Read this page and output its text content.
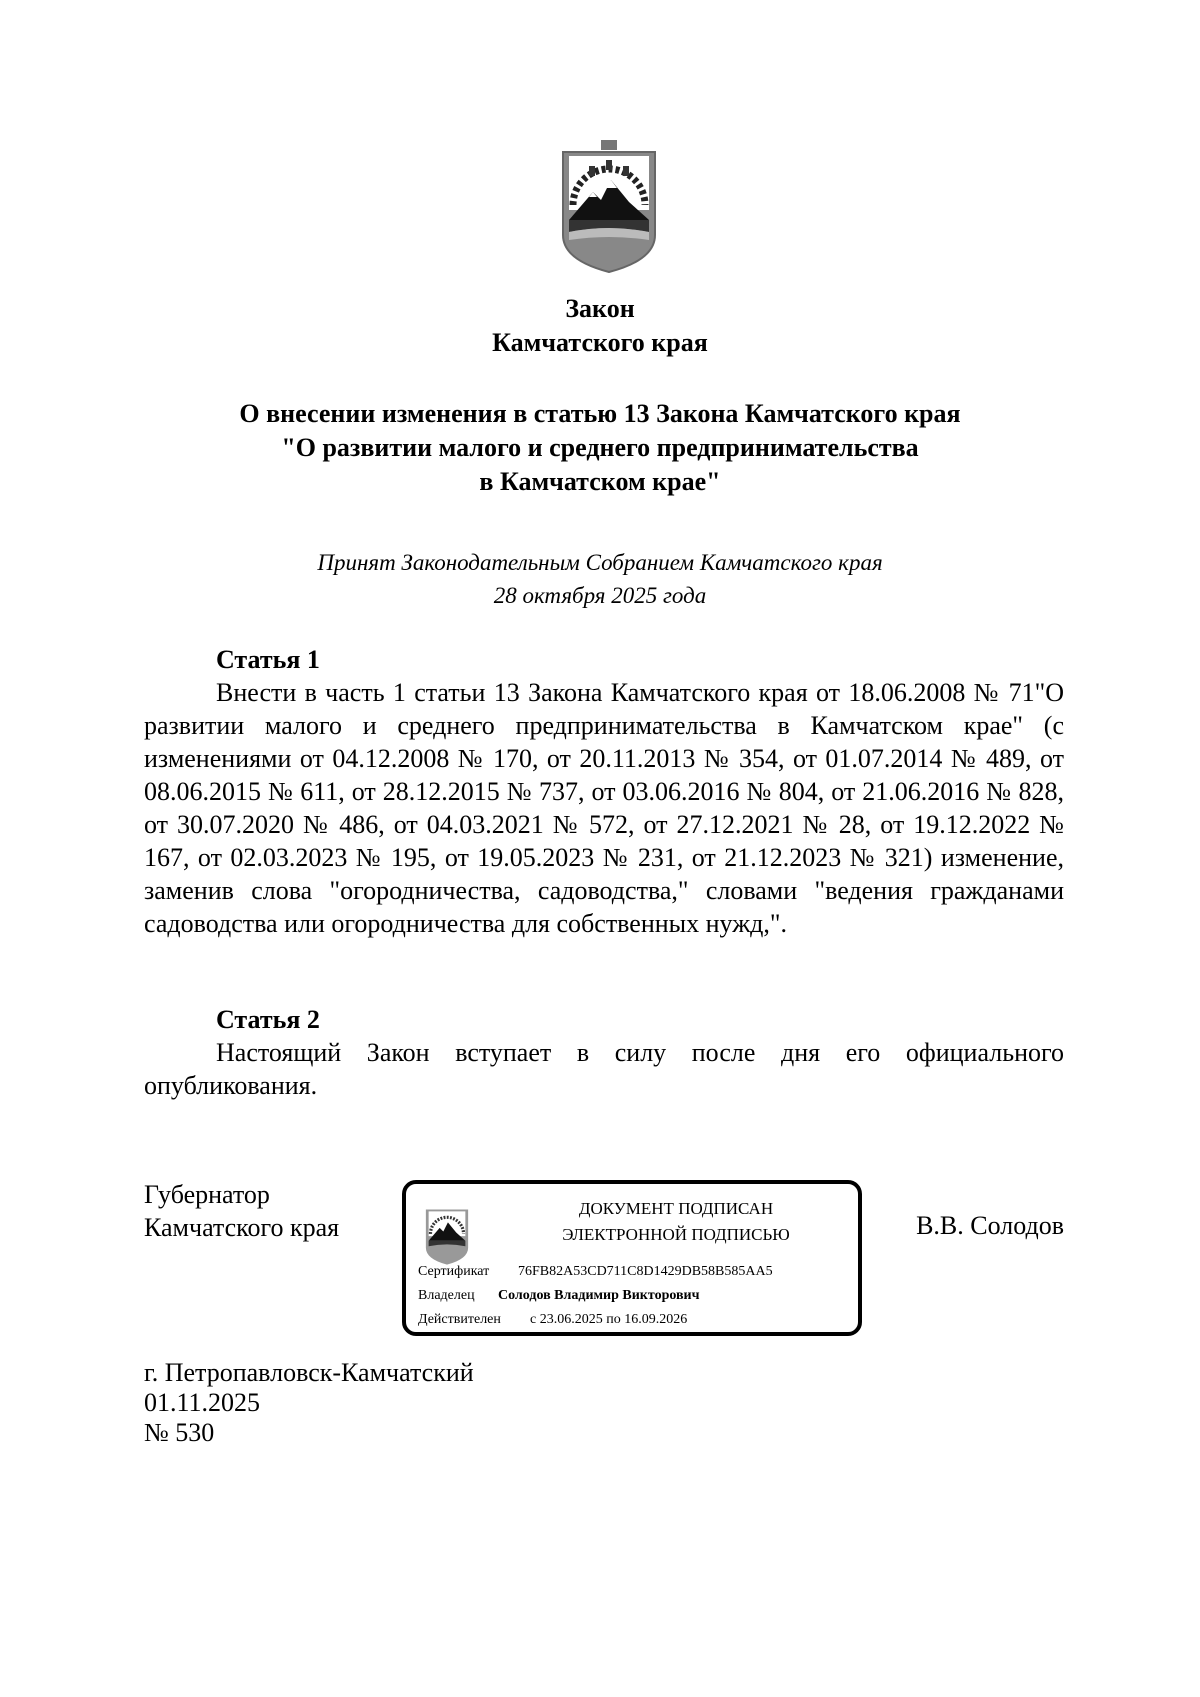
Закон
Камчатского края
О внесении изменения в статью 13 Закона Камчатского края
"О развитии малого и среднего предпринимательства
в Камчатском крае"
Принят Законодательным Собранием Камчатского края
28 октября 2025 года
Статья 1
Внести в часть 1 статьи 13 Закона Камчатского края от 18.06.2008 № 71"О развитии малого и среднего предпринимательства в Камчатском крае" (с изменениями от 04.12.2008 № 170, от 20.11.2013 № 354, от 01.07.2014 № 489, от 08.06.2015 № 611, от 28.12.2015 № 737, от 03.06.2016 № 804, от 21.06.2016 № 828, от 30.07.2020 № 486, от 04.03.2021 № 572, от 27.12.2021 № 28, от 19.12.2022 № 167, от 02.03.2023 № 195, от 19.05.2023 № 231, от 21.12.2023 № 321) изменение, заменив слова "огородничества, садоводства," словами "ведения гражданами садоводства или огородничества для собственных нужд,".
Статья 2
Настоящий Закон вступает в силу после дня его официального опубликования.
Губернатор
Камчатского края
ДОКУМЕНТ ПОДПИСАН
ЭЛЕКТРОННОЙ ПОДПИСЬЮ
Сертификат 76FB82A53CD711C8D1429DB58B585AA5
Владелец Солодов Владимир Викторович
Действителен с 23.06.2025 по 16.09.2026
В.В. Солодов
г. Петропавловск-Камчатский
01.11.2025
№ 530
